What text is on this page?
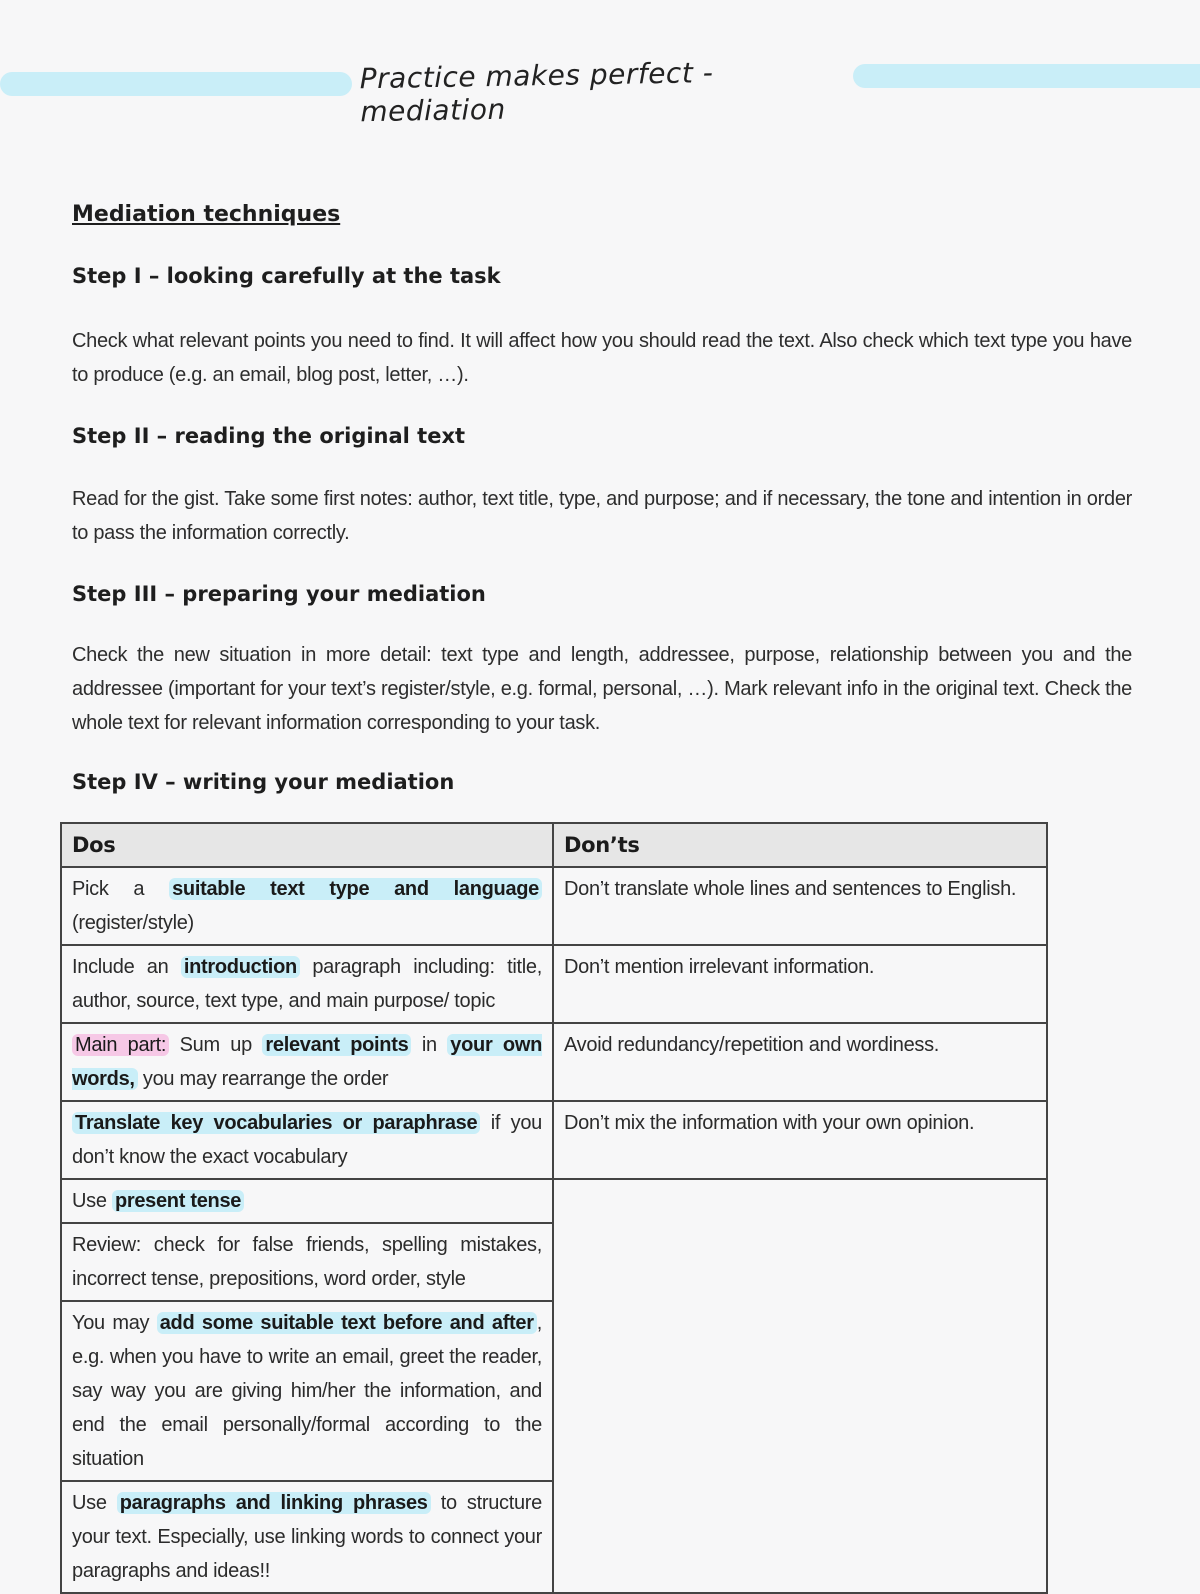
Practice makes perfect - mediation
Mediation techniques
Step I – looking carefully at the task

Check what relevant points you need to find. It will affect how you should read the text. Also check which text type you have to produce (e.g. an email, blog post, letter, …).

Step II – reading the original text

Read for the gist. Take some first notes: author, text title, type, and purpose; and if necessary, the tone and intention in order to pass the information correctly.

Step III – preparing your mediation

Check the new situation in more detail: text type and length, addressee, purpose, relationship between you and the addressee (important for your text’s register/style, e.g. formal, personal, …). Mark relevant info in the original text. Check the whole text for relevant information corresponding to your task.

Step IV – writing your mediation
Dos	Don’ts
Pick a suitable text type and language (register/style)	Don’t translate whole lines and sentences to English.
Include an introduction paragraph including: title, author, source, text type, and main purpose/ topic	Don’t mention irrelevant information.
Main part: Sum up relevant points in your own words, you may rearrange the order	Avoid redundancy/repetition and wordiness.
Translate key vocabularies or paraphrase if you don’t know the exact vocabulary	Don’t mix the information with your own opinion.
Use present tense	
Review: check for false friends, spelling mistakes, incorrect tense, prepositions, word order, style	
You may add some suitable text before and after , e.g. when you have to write an email, greet the reader, say way you are giving him/her the information, and end the email personally/formal according to the situation	
Use paragraphs and linking phrases to structure your text. Especially, use linking words to connect your paragraphs and ideas!!	
